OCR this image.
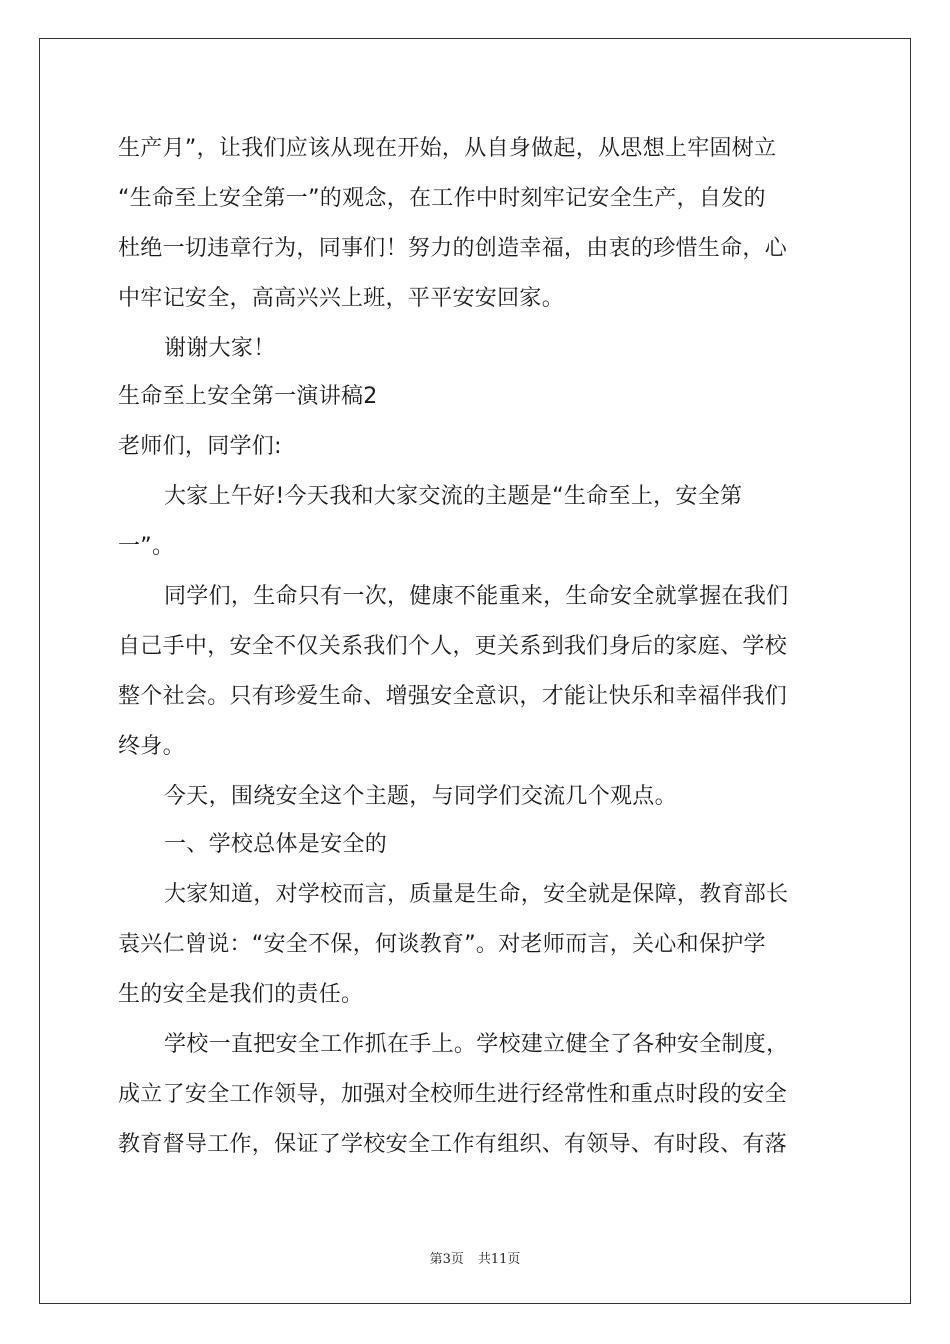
生产月”，让我们应该从现在开始，从自身做起，从思想上牢固树立
“生命至上安全第一”的观念，在工作中时刻牢记安全生产，自发的
杜绝一切违章行为，同事们！努力的创造幸福，由衷的珍惜生命，心
中牢记安全，高高兴兴上班，平平安安回家。
谢谢大家！
生命至上安全第一演讲稿2
老师们，同学们:
大家上午好!今天我和大家交流的主题是“生命至上，安全第
一”。
同学们，生命只有一次，健康不能重来，生命安全就掌握在我们
自己手中，安全不仅关系我们个人，更关系到我们身后的家庭、学校
整个社会。只有珍爱生命、增强安全意识，才能让快乐和幸福伴我们
终身。
今天，围绕安全这个主题，与同学们交流几个观点。
一、学校总体是安全的
大家知道，对学校而言，质量是生命，安全就是保障，教育部长
袁兴仁曾说：“安全不保，何谈教育”。对老师而言，关心和保护学
生的安全是我们的责任。
学校一直把安全工作抓在手上。学校建立健全了各种安全制度，
成立了安全工作领导，加强对全校师生进行经常性和重点时段的安全
教育督导工作，保证了学校安全工作有组织、有领导、有时段、有落
第3页 共11页
